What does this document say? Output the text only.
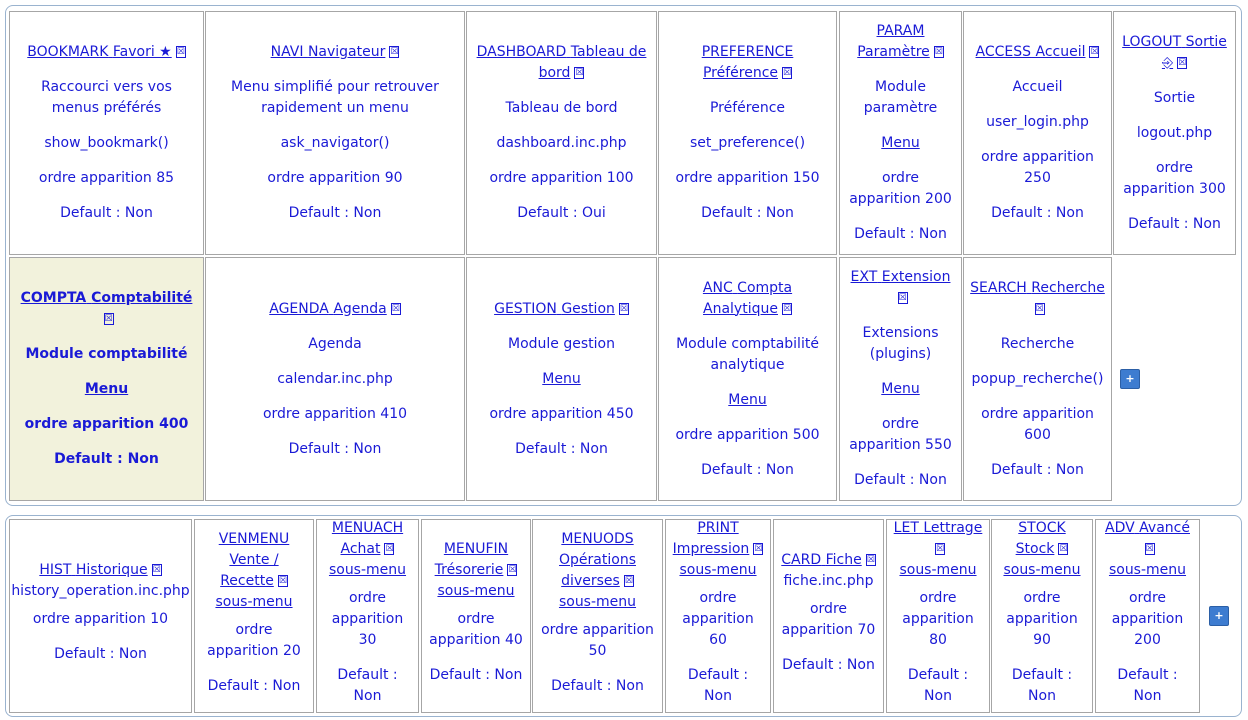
BOOKMARK Favori ★ ☒
Raccourci vers vos menus préférés
show_bookmark()
ordre apparition 85
Default : Non
NAVI Navigateur ☒
Menu simplifié pour retrouver rapidement un menu
ask_navigator()
ordre apparition 90
Default : Non
DASHBOARD Tableau de bord ☒
Tableau de bord
dashboard.inc.php
ordre apparition 100
Default : Oui
PREFERENCE Préférence ☒
Préférence
set_preference()
ordre apparition 150
Default : Non
PARAM Paramètre ☒
Module paramètre
Menu
ordre apparition 200
Default : Non
ACCESS Accueil ☒
Accueil
user_login.php
ordre apparition 250
Default : Non
LOGOUT Sortie ⎆ ☒
Sortie
logout.php
ordre apparition 300
Default : Non
COMPTA Comptabilité☒
Module comptabilité
Menu
ordre apparition 400
Default : Non
AGENDA Agenda ☒
Agenda
calendar.inc.php
ordre apparition 410
Default : Non
GESTION Gestion ☒
Module gestion
Menu
ordre apparition 450
Default : Non
ANC Compta Analytique ☒
Module comptabilité analytique
Menu
ordre apparition 500
Default : Non
EXT Extension☒
Extensions (plugins)
Menu
ordre apparition 550
Default : Non
SEARCH Recherche☒
Recherche
popup_recherche()
ordre apparition 600
Default : Non
HIST Historique ☒
history_operation.inc.php
ordre apparition 10
Default : Non
VENMENU Vente / Recette ☒
sous-menu
ordre apparition 20
Default : Non
MENUACH Achat ☒
sous-menu
ordre apparition 30
Default : Non
MENUFIN Trésorerie ☒
sous-menu
ordre apparition 40
Default : Non
MENUODS Opérations diverses ☒
sous-menu
ordre apparition 50
Default : Non
PRINT Impression ☒
sous-menu
ordre apparition 60
Default : Non
CARD Fiche ☒
fiche.inc.php
ordre apparition 70
Default : Non
LET Lettrage☒
sous-menu
ordre apparition 80
Default : Non
STOCK Stock ☒
sous-menu
ordre apparition 90
Default : Non
ADV Avancé☒
sous-menu
ordre apparition 200
Default : Non
+
+
